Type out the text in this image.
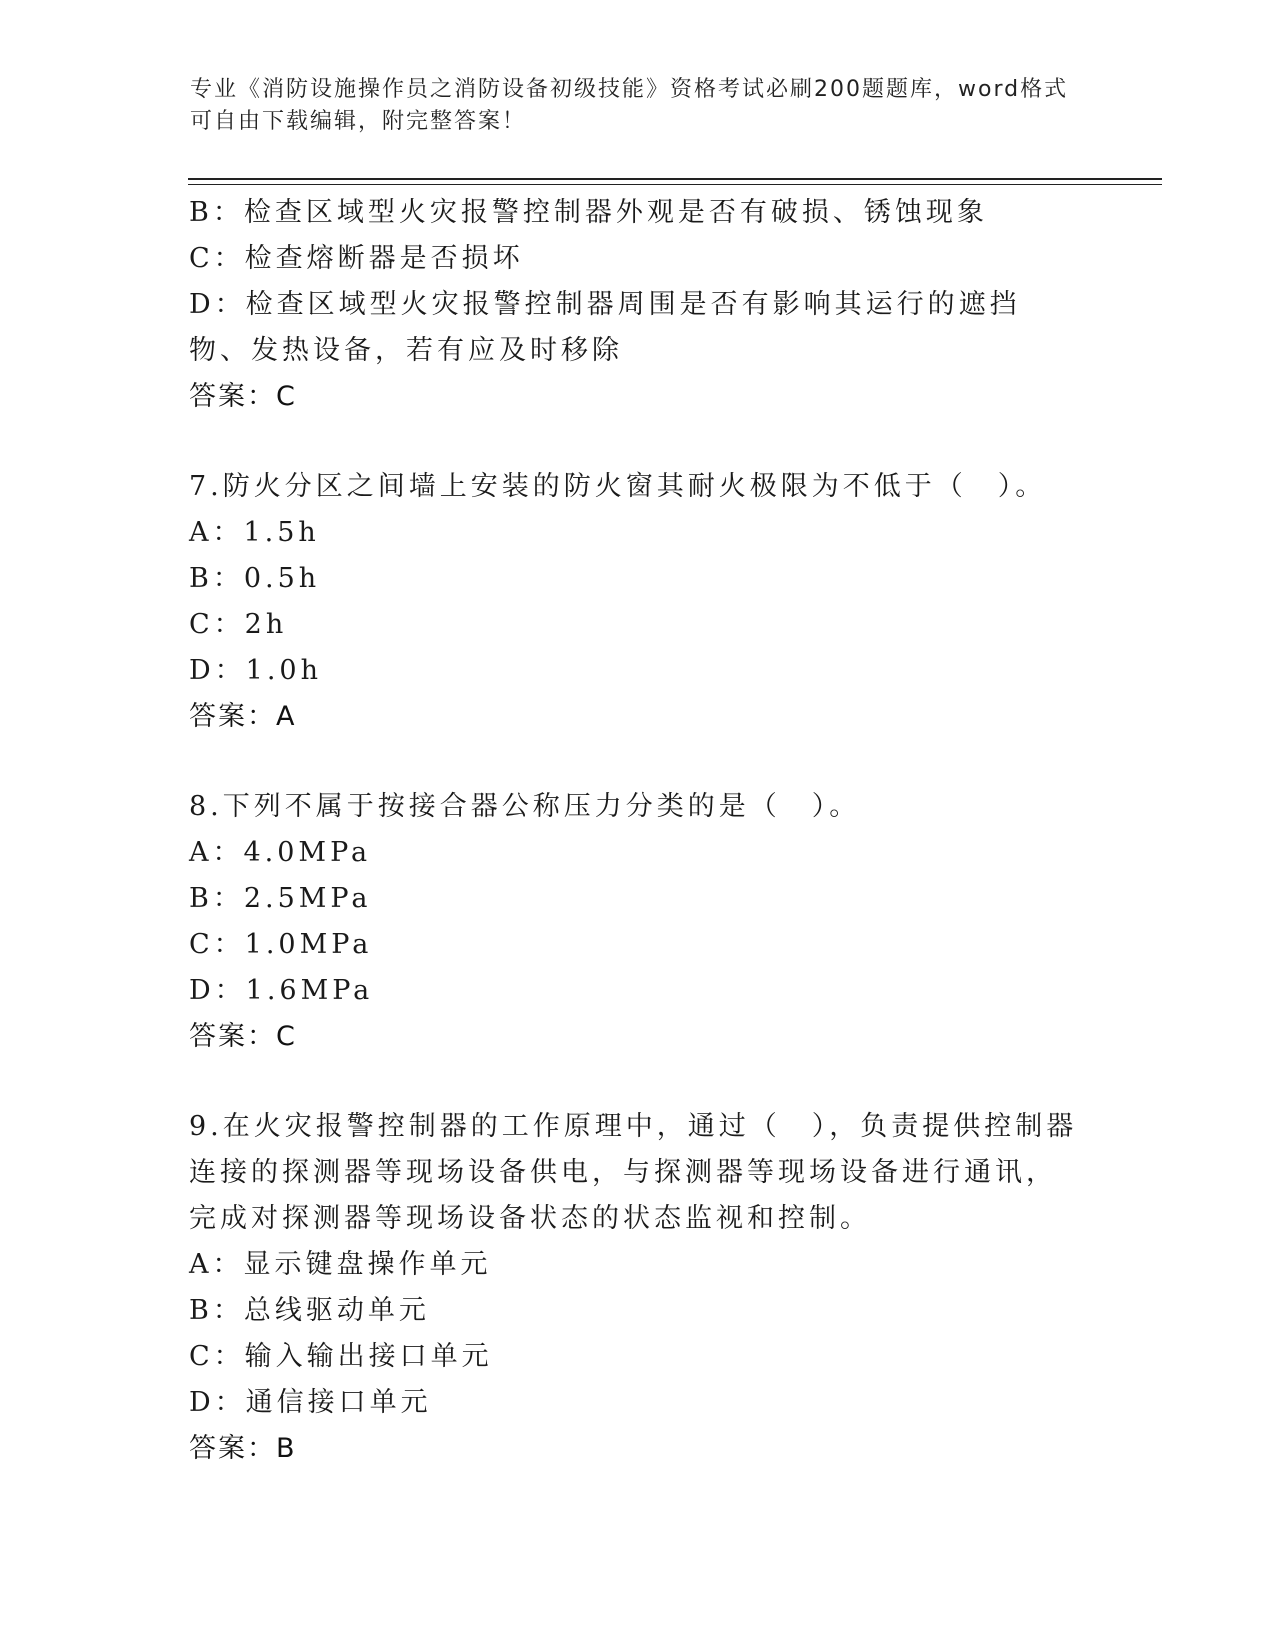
专业《消防设施操作员之消防设备初级技能》资格考试必刷200题题库，word格式可自由下载编辑，附完整答案！

B：检查区域型火灾报警控制器外观是否有破损、锈蚀现象

C：检查熔断器是否损坏

D：检查区域型火灾报警控制器周围是否有影响其运行的遮挡物、发热设备，若有应及时移除

答案：C

7.防火分区之间墙上安装的防火窗其耐火极限为不低于（　）。

A：1.5h

B：0.5h

C：2h

D：1.0h

答案：A

8.下列不属于按接合器公称压力分类的是（　）。

A：4.0MPa

B：2.5MPa

C：1.0MPa

D：1.6MPa

答案：C

9.在火灾报警控制器的工作原理中，通过（　），负责提供控制器连接的探测器等现场设备供电，与探测器等现场设备进行通讯，完成对探测器等现场设备状态的状态监视和控制。

A：显示键盘操作单元

B：总线驱动单元

C：输入输出接口单元

D：通信接口单元

答案：B
